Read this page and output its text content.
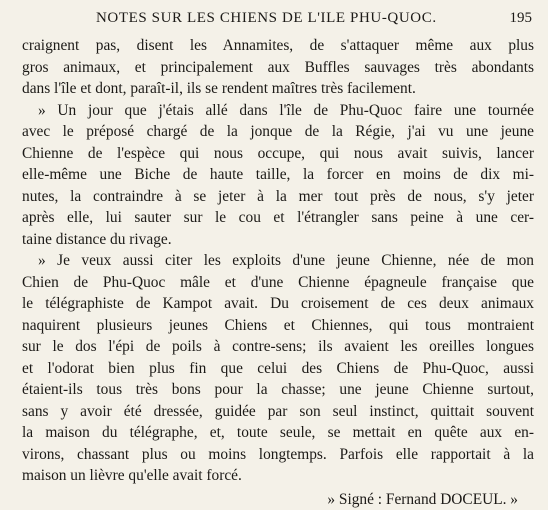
NOTES SUR LES CHIENS DE L'ILE PHU-QUOC.	195
craignent pas, disent les Annamites, de s'attaquer même aux plus
gros animaux, et principalement aux Buffles sauvages très abondants
dans l'île et dont, paraît-il, ils se rendent maîtres très facilement.
» Un jour que j'étais allé dans l'île de Phu-Quoc faire une tournée
avec le préposé chargé de la jonque de la Régie, j'ai vu une jeune
Chienne de l'espèce qui nous occupe, qui nous avait suivis, lancer
elle-même une Biche de haute taille, la forcer en moins de dix mi-
nutes, la contraindre à se jeter à la mer tout près de nous, s'y jeter
après elle, lui sauter sur le cou et l'étrangler sans peine à une cer-
taine distance du rivage.
» Je veux aussi citer les exploits d'une jeune Chienne, née de mon
Chien de Phu-Quoc mâle et d'une Chienne épagneule française que
le télégraphiste de Kampot avait. Du croisement de ces deux animaux
naquirent plusieurs jeunes Chiens et Chiennes, qui tous montraient
sur le dos l'épi de poils à contre-sens; ils avaient les oreilles longues
et l'odorat bien plus fin que celui des Chiens de Phu-Quoc, aussi
étaient-ils tous très bons pour la chasse; une jeune Chienne surtout,
sans y avoir été dressée, guidée par son seul instinct, quittait souvent
la maison du télégraphe, et, toute seule, se mettait en quête aux en-
virons, chassant plus ou moins longtemps. Parfois elle rapportait à la
maison un lièvre qu'elle avait forcé.
» Signé : Fernand DOCEUL. »
